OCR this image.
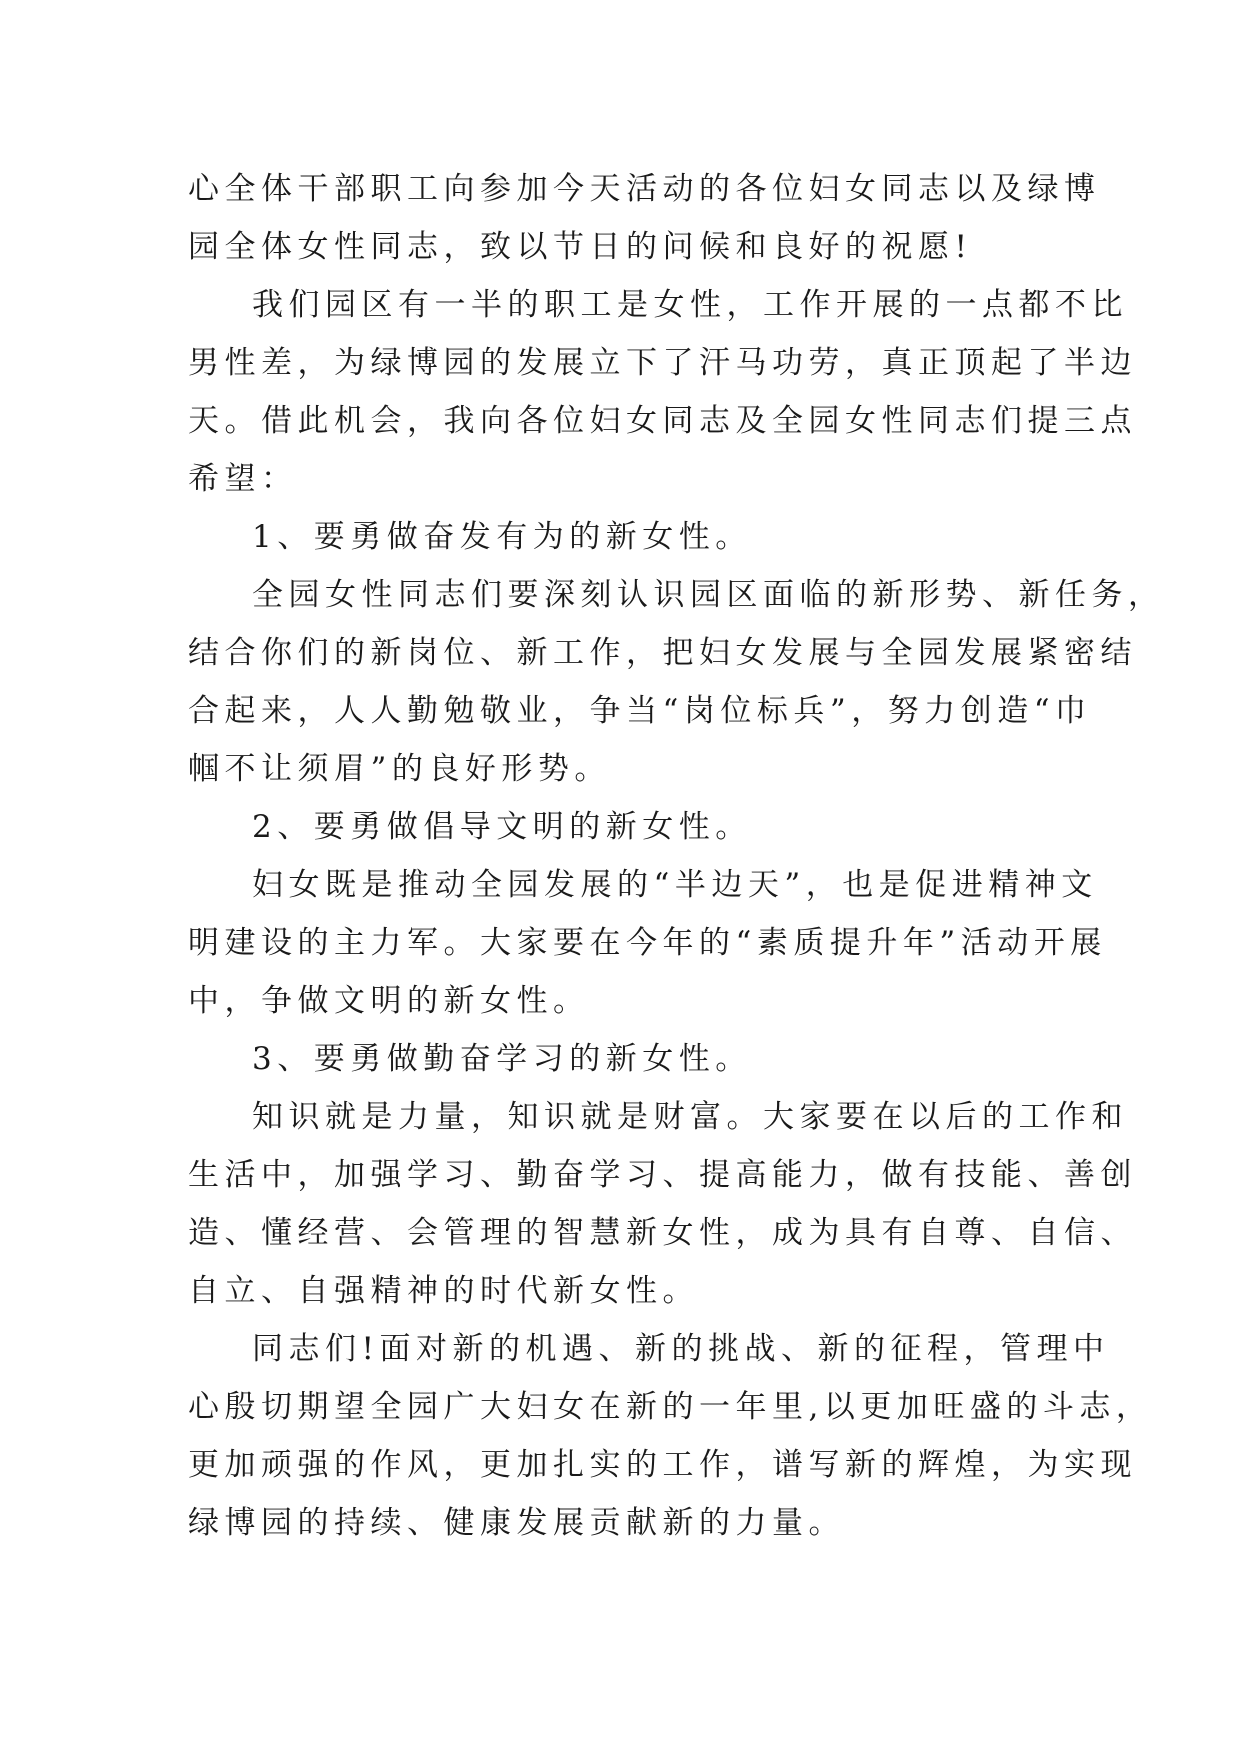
心全体干部职工向参加今天活动的各位妇女同志以及绿博
园全体女性同志，致以节日的问候和良好的祝愿!
我们园区有一半的职工是女性，工作开展的一点都不比
男性差，为绿博园的发展立下了汗马功劳，真正顶起了半边
天。借此机会，我向各位妇女同志及全园女性同志们提三点
希望：
1、要勇做奋发有为的新女性。
全园女性同志们要深刻认识园区面临的新形势、新任务，
结合你们的新岗位、新工作，把妇女发展与全园发展紧密结
合起来，人人勤勉敬业，争当“岗位标兵”，努力创造“巾
帼不让须眉”的良好形势。
2、要勇做倡导文明的新女性。
妇女既是推动全园发展的“半边天”，也是促进精神文
明建设的主力军。大家要在今年的“素质提升年”活动开展
中，争做文明的新女性。
3、要勇做勤奋学习的新女性。
知识就是力量，知识就是财富。大家要在以后的工作和
生活中，加强学习、勤奋学习、提高能力，做有技能、善创
造、懂经营、会管理的智慧新女性，成为具有自尊、自信、
自立、自强精神的时代新女性。
同志们!面对新的机遇、新的挑战、新的征程，管理中
心殷切期望全园广大妇女在新的一年里,以更加旺盛的斗志，
更加顽强的作风，更加扎实的工作，谱写新的辉煌，为实现
绿博园的持续、健康发展贡献新的力量。
